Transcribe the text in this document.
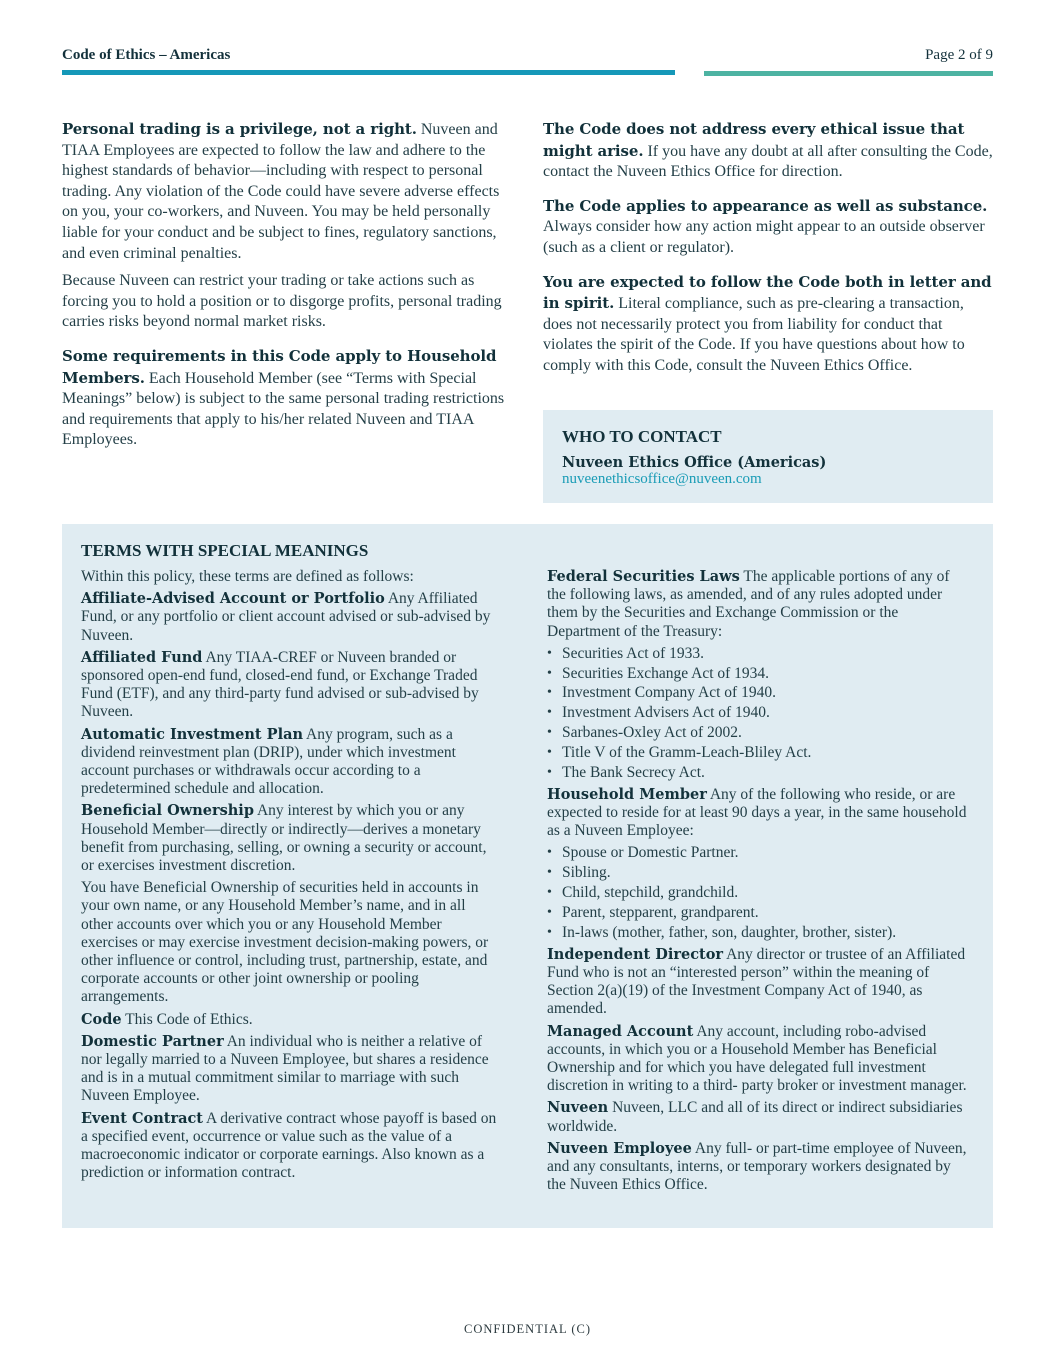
Code of Ethics – Americas	Page 2 of 9

Personal trading is a privilege, not a right. Nuveen and TIAA Employees are expected to follow the law and adhere to the highest standards of behavior—including with respect to personal trading. Any violation of the Code could have severe adverse effects on you, your co-workers, and Nuveen. You may be held personally liable for your conduct and be subject to fines, regulatory sanctions, and even criminal penalties.

Because Nuveen can restrict your trading or take actions such as forcing you to hold a position or to disgorge profits, personal trading carries risks beyond normal market risks.

Some requirements in this Code apply to Household Members. Each Household Member (see “Terms with Special Meanings” below) is subject to the same personal trading restrictions and requirements that apply to his/her related Nuveen and TIAA Employees.

The Code does not address every ethical issue that might arise. If you have any doubt at all after consulting the Code, contact the Nuveen Ethics Office for direction.

The Code applies to appearance as well as substance. Always consider how any action might appear to an outside observer (such as a client or regulator).

You are expected to follow the Code both in letter and in spirit. Literal compliance, such as pre-clearing a transaction, does not necessarily protect you from liability for conduct that violates the spirit of the Code. If you have questions about how to comply with this Code, consult the Nuveen Ethics Office.

WHO TO CONTACT
Nuveen Ethics Office (Americas)
nuveenethicsoffice@nuveen.com
TERMS WITH SPECIAL MEANINGS

Within this policy, these terms are defined as follows:

Affiliate-Advised Account or Portfolio Any Affiliated Fund, or any portfolio or client account advised or sub-advised by Nuveen.

Affiliated Fund Any TIAA-CREF or Nuveen branded or sponsored open-end fund, closed-end fund, or Exchange Traded Fund (ETF), and any third-party fund advised or sub-advised by Nuveen.

Automatic Investment Plan Any program, such as a dividend reinvestment plan (DRIP), under which investment account purchases or withdrawals occur according to a predetermined schedule and allocation.

Beneficial Ownership Any interest by which you or any Household Member—directly or indirectly—derives a monetary benefit from purchasing, selling, or owning a security or account, or exercises investment discretion.

You have Beneficial Ownership of securities held in accounts in your own name, or any Household Member’s name, and in all other accounts over which you or any Household Member exercises or may exercise investment decision-making powers, or other influence or control, including trust, partnership, estate, and corporate accounts or other joint ownership or pooling arrangements.

Code This Code of Ethics.

Domestic Partner An individual who is neither a relative of nor legally married to a Nuveen Employee, but shares a residence and is in a mutual commitment similar to marriage with such Nuveen Employee.

Event Contract A derivative contract whose payoff is based on a specified event, occurrence or value such as the value of a macroeconomic indicator or corporate earnings. Also known as a prediction or information contract.

Federal Securities Laws The applicable portions of any of the following laws, as amended, and of any rules adopted under them by the Securities and Exchange Commission or the Department of the Treasury:

• Securities Act of 1933.
• Securities Exchange Act of 1934.
• Investment Company Act of 1940.
• Investment Advisers Act of 1940.
• Sarbanes-Oxley Act of 2002.
• Title V of the Gramm-Leach-Bliley Act.
• The Bank Secrecy Act.

Household Member Any of the following who reside, or are expected to reside for at least 90 days a year, in the same household as a Nuveen Employee:

• Spouse or Domestic Partner.
• Sibling.
• Child, stepchild, grandchild.
• Parent, stepparent, grandparent.
• In-laws (mother, father, son, daughter, brother, sister).

Independent Director Any director or trustee of an Affiliated Fund who is not an “interested person” within the meaning of Section 2(a)(19) of the Investment Company Act of 1940, as amended.

Managed Account Any account, including robo-advised accounts, in which you or a Household Member has Beneficial Ownership and for which you have delegated full investment discretion in writing to a third- party broker or investment manager.

Nuveen Nuveen, LLC and all of its direct or indirect subsidiaries worldwide.

Nuveen Employee Any full- or part-time employee of Nuveen, and any consultants, interns, or temporary workers designated by the Nuveen Ethics Office.

CONFIDENTIAL (C)
